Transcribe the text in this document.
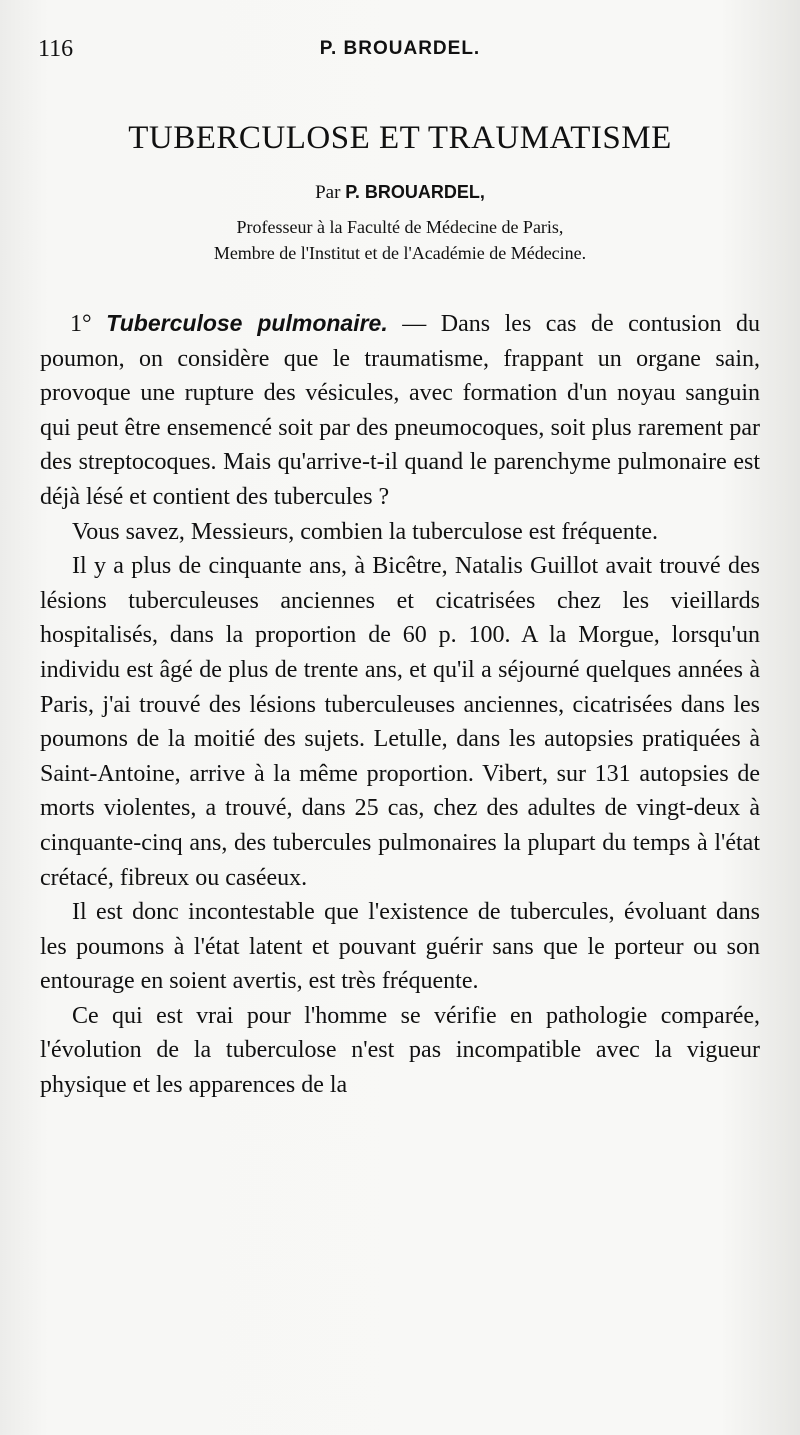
116	P. BROUARDEL.
TUBERCULOSE ET TRAUMATISME
Par P. BROUARDEL,
Professeur à la Faculté de Médecine de Paris,
Membre de l'Institut et de l'Académie de Médecine.

1° Tuberculose pulmonaire. — Dans les cas de contusion du poumon, on considère que le traumatisme, frappant un organe sain, provoque une rupture des vésicules, avec formation d'un noyau sanguin qui peut être ensemencé soit par des pneumocoques, soit plus rarement par des streptocoques. Mais qu'arrive-t-il quand le parenchyme pulmonaire est déjà lésé et contient des tubercules ?

Vous savez, Messieurs, combien la tuberculose est fréquente.

Il y a plus de cinquante ans, à Bicêtre, Natalis Guillot avait trouvé des lésions tuberculeuses anciennes et cicatrisées chez les vieillards hospitalisés, dans la proportion de 60 p. 100. A la Morgue, lorsqu'un individu est âgé de plus de trente ans, et qu'il a séjourné quelques années à Paris, j'ai trouvé des lésions tuberculeuses anciennes, cicatrisées dans les poumons de la moitié des sujets. Letulle, dans les autopsies pratiquées à Saint-Antoine, arrive à la même proportion. Vibert, sur 131 autopsies de morts violentes, a trouvé, dans 25 cas, chez des adultes de vingt-deux à cinquante-cinq ans, des tubercules pulmonaires la plupart du temps à l'état crétacé, fibreux ou caséeux.

Il est donc incontestable que l'existence de tubercules, évoluant dans les poumons à l'état latent et pouvant guérir sans que le porteur ou son entourage en soient avertis, est très fréquente.

Ce qui est vrai pour l'homme se vérifie en pathologie comparée, l'évolution de la tuberculose n'est pas incompatible avec la vigueur physique et les apparences de la
